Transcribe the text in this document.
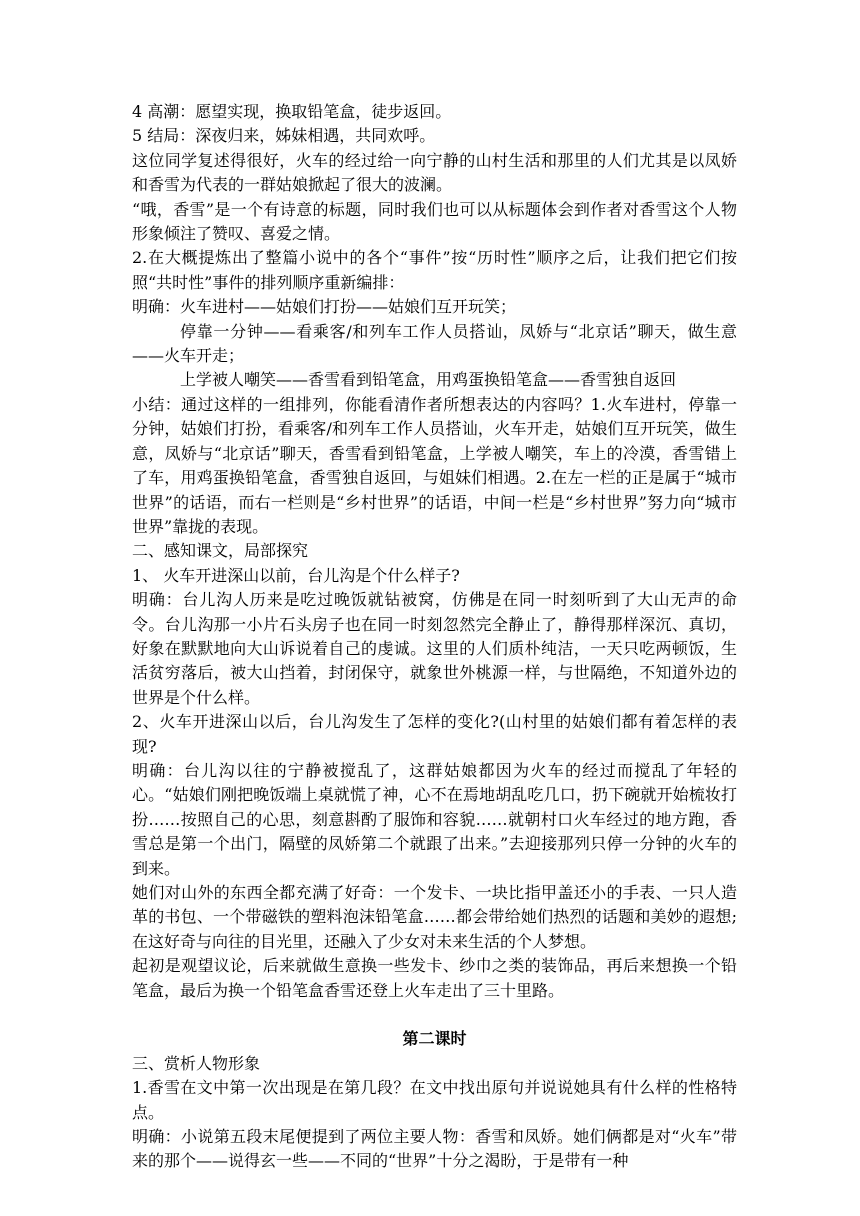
4 高潮：愿望实现，换取铅笔盒，徒步返回。

5 结局：深夜归来，姊妹相遇，共同欢呼。

这位同学复述得很好，火车的经过给一向宁静的山村生活和那里的人们尤其是以凤娇和香雪为代表的一群姑娘掀起了很大的波澜。

“哦，香雪”是一个有诗意的标题，同时我们也可以从标题体会到作者对香雪这个人物形象倾注了赞叹、喜爱之情。

2.在大概提炼出了整篇小说中的各个“事件”按“历时性”顺序之后，让我们把它们按照“共时性”事件的排列顺序重新编排：

明确：火车进村——姑娘们打扮——姑娘们互开玩笑；

停靠一分钟——看乘客/和列车工作人员搭讪，凤娇与“北京话”聊天，做生意——火车开走；

上学被人嘲笑——香雪看到铅笔盒，用鸡蛋换铅笔盒——香雪独自返回

小结：通过这样的一组排列，你能看清作者所想表达的内容吗？1.火车进村，停靠一分钟，姑娘们打扮，看乘客/和列车工作人员搭讪，火车开走，姑娘们互开玩笑，做生意，凤娇与“北京话”聊天，香雪看到铅笔盒，上学被人嘲笑，车上的冷漠，香雪错上了车，用鸡蛋换铅笔盒，香雪独自返回，与姐妹们相遇。2.在左一栏的正是属于“城市世界”的话语，而右一栏则是“乡村世界”的话语，中间一栏是“乡村世界”努力向“城市世界”靠拢的表现。

二、感知课文，局部探究

1、 火车开进深山以前，台儿沟是个什么样子?

明确：台儿沟人历来是吃过晚饭就钻被窝，仿佛是在同一时刻听到了大山无声的命令。台儿沟那一小片石头房子也在同一时刻忽然完全静止了，静得那样深沉、真切，好象在默默地向大山诉说着自己的虔诚。这里的人们质朴纯洁，一天只吃两顿饭，生活贫穷落后，被大山挡着，封闭保守，就象世外桃源一样，与世隔绝，不知道外边的世界是个什么样。

2、火车开进深山以后，台儿沟发生了怎样的变化?(山村里的姑娘们都有着怎样的表现?

明确：台儿沟以往的宁静被搅乱了，这群姑娘都因为火车的经过而搅乱了年轻的心。“姑娘们刚把晚饭端上桌就慌了神，心不在焉地胡乱吃几口，扔下碗就开始梳妆打扮……按照自己的心思，刻意斟酌了服饰和容貌……就朝村口火车经过的地方跑，香雪总是第一个出门，隔壁的凤娇第二个就跟了出来。”去迎接那列只停一分钟的火车的到来。

她们对山外的东西全都充满了好奇：一个发卡、一块比指甲盖还小的手表、一只人造革的书包、一个带磁铁的塑料泡沫铅笔盒……都会带给她们热烈的话题和美妙的遐想;在这好奇与向往的目光里，还融入了少女对未来生活的个人梦想。

起初是观望议论，后来就做生意换一些发卡、纱巾之类的装饰品，再后来想换一个铅笔盒，最后为换一个铅笔盒香雪还登上火车走出了三十里路。

第二课时

三、赏析人物形象

1.香雪在文中第一次出现是在第几段？在文中找出原句并说说她具有什么样的性格特点。

明确：小说第五段末尾便提到了两位主要人物：香雪和凤娇。她们俩都是对“火车”带来的那个——说得玄一些——不同的“世界”十分之渴盼，于是带有一种
